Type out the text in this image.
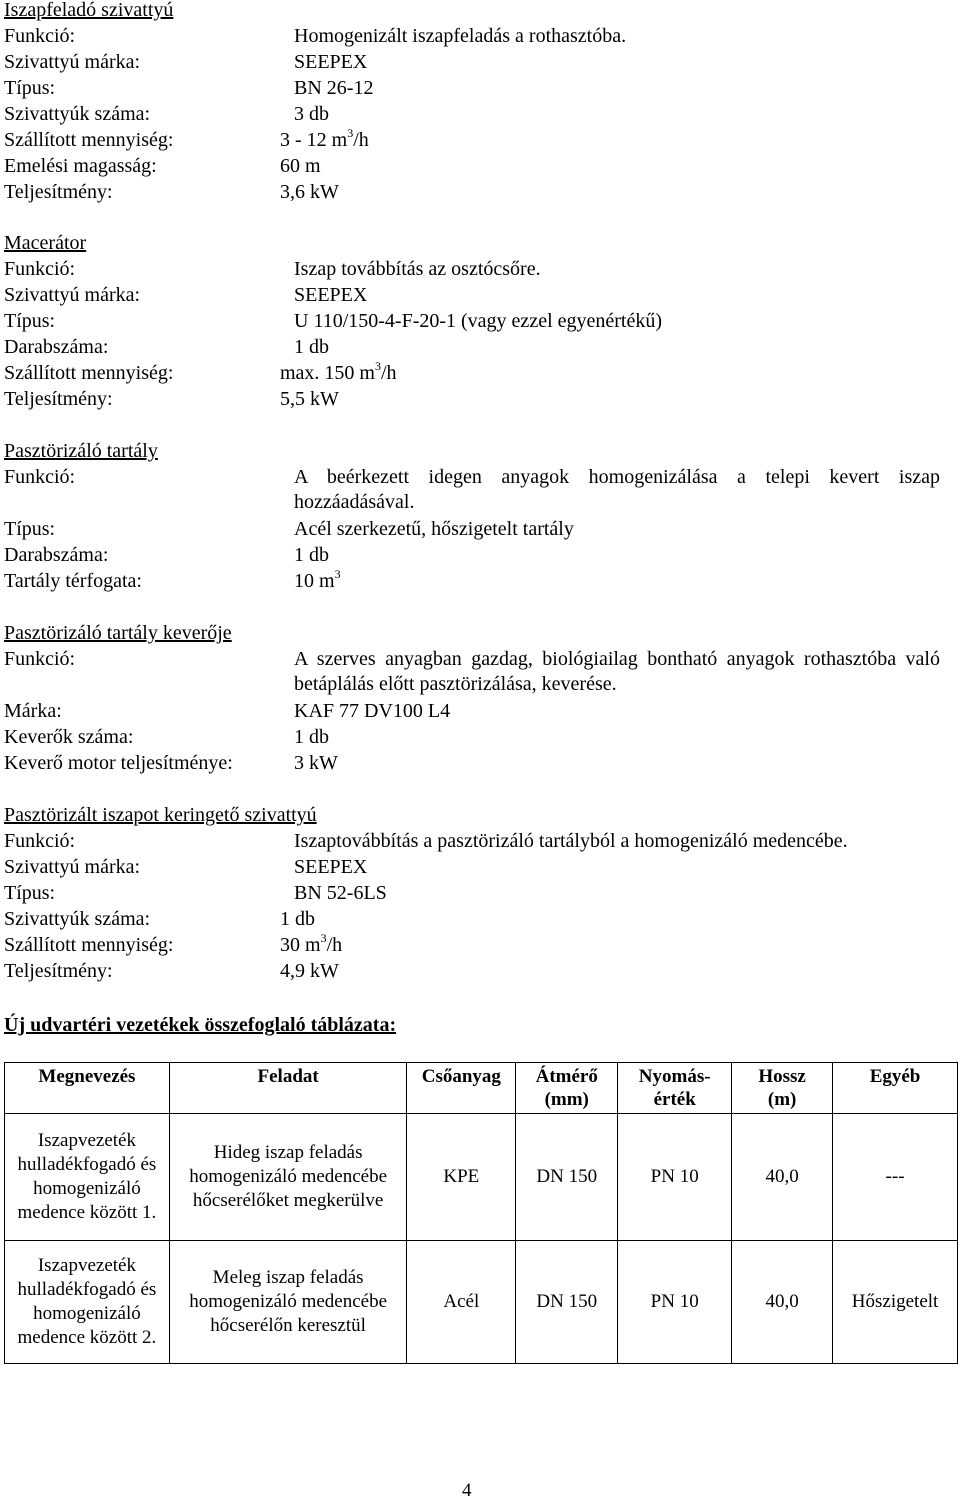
Iszapfeladó szivattyú
Funkció:	Homogenizált iszapfeladás a rothasztóba.
Szivattyú márka:	SEEPEX
Típus:	BN 26-12
Szivattyúk száma:	3 db
Szállított mennyiség:	3 - 12 $m^3/h$
Emelési magasság:	60 m
Teljesítmény:	3,6 kW
Macerátor
Funkció:	Iszap továbbítás az osztócsőre.
Szivattyú márka:	SEEPEX
Típus:	U 110/150-4-F-20-1 (vagy ezzel egyenértékű)
Darabszáma:	1 db
Szállított mennyiség:	max. 150 $m^3/h$
Teljesítmény:	5,5 kW
Pasztörizáló tartály
Funkció:	A beérkezett idegen anyagok homogenizálása a telepi kevert iszap hozzáadásával.
Típus:	Acél szerkezetű, hőszigetelt tartály
Darabszáma:	1 db
Tartály térfogata:	10 $m^3$
Pasztörizáló tartály keverője
Funkció:	A szerves anyagban gazdag, biológiailag bontható anyagok rothasztóba való betáplálás előtt pasztörizálása, keverése.
Márka:	KAF 77 DV100 L4
Keverők száma:	1 db
Keverő motor teljesítménye:	3 kW
Pasztörizált iszapot keringető szivattyú
Funkció:	Iszaptovábbítás a pasztörizáló tartályból a homogenizáló medencébe.
Szivattyú márka:	SEEPEX
Típus:	BN 52-6LS
Szivattyúk száma:	1 db
Szállított mennyiség:	30 $m^3/h$
Teljesítmény:	4,9 kW
Új udvartéri vezetékek összefoglaló táblázata:
Megnevezés	Feladat	Csőanyag	Átmérő (mm)	Nyomás-érték	Hossz (m)	Egyéb
Iszapvezeték hulladékfogadó és homogenizáló medence között 1.	Hideg iszap feladás homogenizáló medencébe hőcserélőket megkerülve	KPE	DN 150	PN 10	40,0	---
Iszapvezeték hulladékfogadó és homogenizáló medence között 2.	Meleg iszap feladás homogenizáló medencébe hőcserélőn keresztül	Acél	DN 150	PN 10	40,0	Hőszigetelt
4
